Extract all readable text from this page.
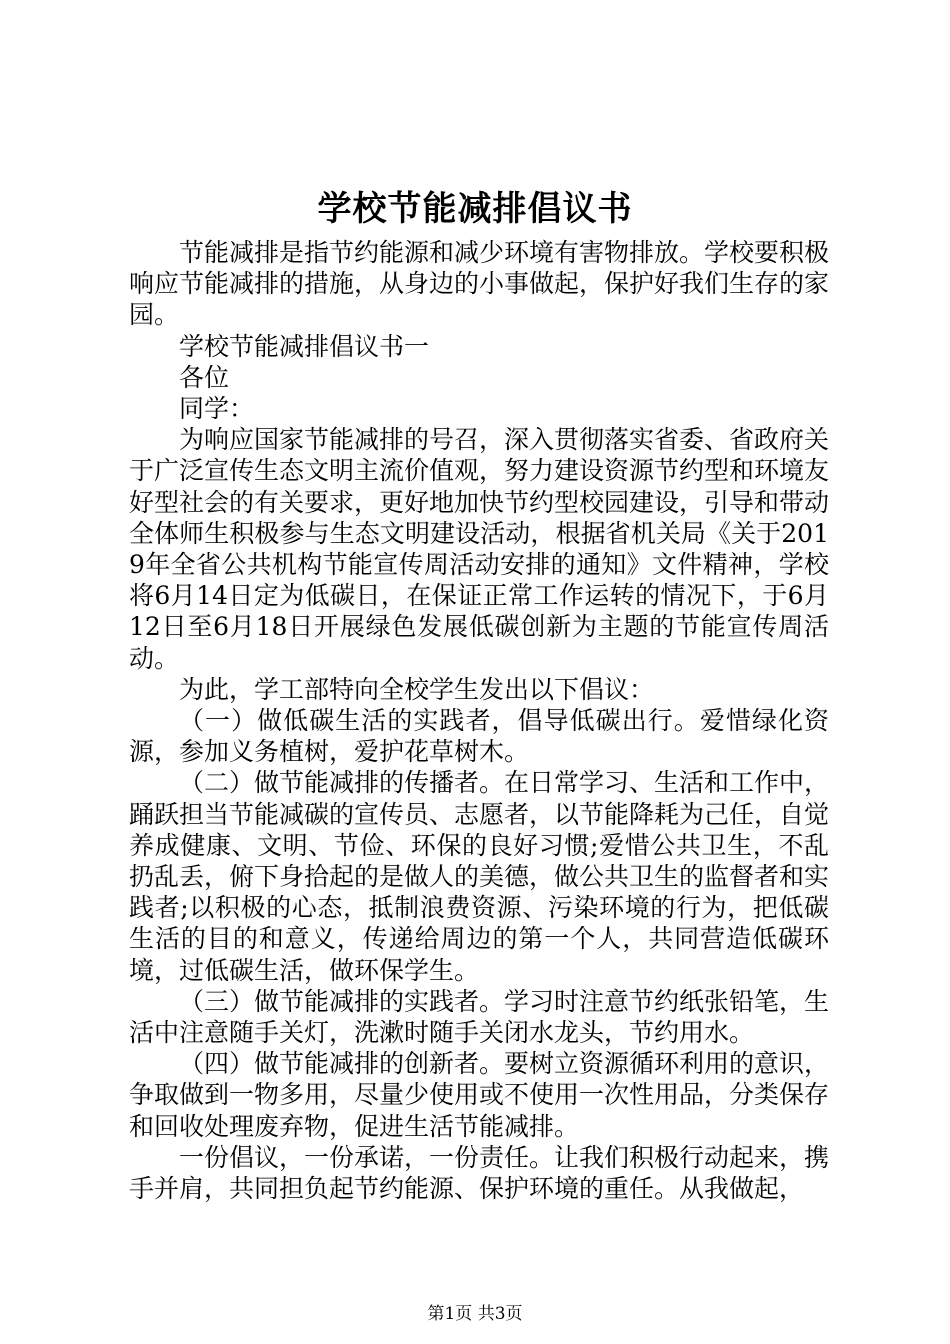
学校节能减排倡议书

节能减排是指节约能源和减少环境有害物排放。学校要积极响应节能减排的措施，从身边的小事做起，保护好我们生存的家园。

学校节能减排倡议书一

各位

同学：

为响应国家节能减排的号召，深入贯彻落实省委、省政府关于广泛宣传生态文明主流价值观，努力建设资源节约型和环境友好型社会的有关要求，更好地加快节约型校园建设，引导和带动全体师生积极参与生态文明建设活动，根据省机关局《关于2019年全省公共机构节能宣传周活动安排的通知》文件精神，学校将6月14日定为低碳日，在保证正常工作运转的情况下，于6月12日至6月18日开展绿色发展低碳创新为主题的节能宣传周活动。

为此，学工部特向全校学生发出以下倡议：

（一）做低碳生活的实践者，倡导低碳出行。爱惜绿化资源，参加义务植树，爱护花草树木。

（二）做节能减排的传播者。在日常学习、生活和工作中，踊跃担当节能减碳的宣传员、志愿者，以节能降耗为己任，自觉养成健康、文明、节俭、环保的良好习惯;爱惜公共卫生，不乱扔乱丢，俯下身拾起的是做人的美德，做公共卫生的监督者和实践者;以积极的心态，抵制浪费资源、污染环境的行为，把低碳生活的目的和意义，传递给周边的第一个人，共同营造低碳环境，过低碳生活，做环保学生。

（三）做节能减排的实践者。学习时注意节约纸张铅笔，生活中注意随手关灯，洗漱时随手关闭水龙头，节约用水。

（四）做节能减排的创新者。要树立资源循环利用的意识，争取做到一物多用，尽量少使用或不使用一次性用品，分类保存和回收处理废弃物，促进生活节能减排。

一份倡议，一份承诺，一份责任。让我们积极行动起来，携手并肩，共同担负起节约能源、保护环境的重任。从我做起，

第1页 共3页
